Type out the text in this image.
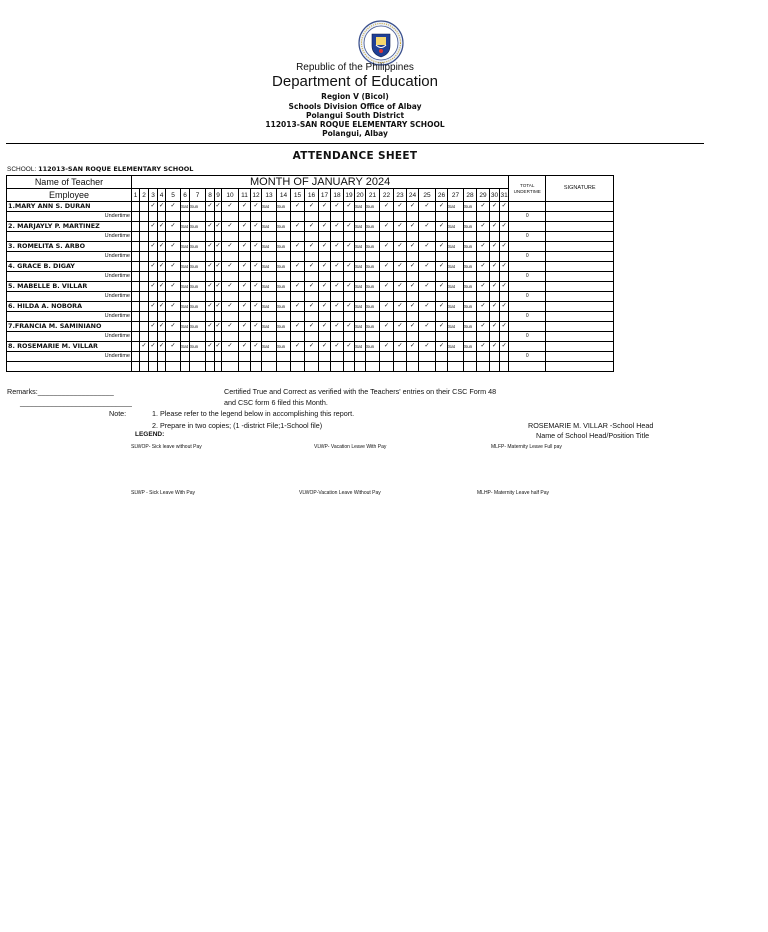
Republic of the Philippines
Department of Education
Region V (Bicol)
Schools Division Office of Albay
Polangui South District
112013-SAN ROQUE ELEMENTARY SCHOOL
Polangui, Albay
ATTENDANCE SHEET
SCHOOL: 112013-SAN ROQUE ELEMENTARY SCHOOL
Name of Teacher	MONTH OF JANUARY 2024																															TOTAL UNDERTIME	SIGNATURE
Employee	1	2	3	4	5	6	7	8	9	10	11	12	13	14	15	16	17	18	19	20	21	22	23	24	25	26	27	28	29	30	31		
1.MARY ANN S. DURAN			✓	✓	✓	Sat	Sun	✓	✓	✓	✓	✓	Sat	Sun	✓	✓	✓	✓	✓	Sat	Sun	✓	✓	✓	✓	✓	Sat	Sun	✓	✓	✓		
Undertime																																0	
2. MARJAYLY P. MARTINEZ			✓	✓	✓	Sat	Sun	✓	✓	✓	✓	✓	Sat	Sun	✓	✓	✓	✓	✓	Sat	Sun	✓	✓	✓	✓	✓	Sat	Sun	✓	✓	✓		
Undertime																																0	
3. ROMELITA S. ARBO			✓	✓	✓	Sat	Sun	✓	✓	✓	✓	✓	Sat	Sun	✓	✓	✓	✓	✓	Sat	Sun	✓	✓	✓	✓	✓	Sat	Sun	✓	✓	✓		
Undertime																																0	
4. GRACE B. DIGAY			✓	✓	✓	Sat	Sun	✓	✓	✓	✓	✓	Sat	Sun	✓	✓	✓	✓	✓	Sat	Sun	✓	✓	✓	✓	✓	Sat	Sun	✓	✓	✓		
Undertime																																0	
5. MABELLE B. VILLAR			✓	✓	✓	Sat	Sun	✓	✓	✓	✓	✓	Sat	Sun	✓	✓	✓	✓	✓	Sat	Sun	✓	✓	✓	✓	✓	Sat	Sun	✓	✓	✓		
Undertime																																0	
6. HILDA A. NOBORA			✓	✓	✓	Sat	Sun	✓	✓	✓	✓	✓	Sat	Sun	✓	✓	✓	✓	✓	Sat	Sun	✓	✓	✓	✓	✓	Sat	Sun	✓	✓	✓		
Undertime																																0	
7.FRANCIA M. SAMINIANO			✓	✓	✓	Sat	Sun	✓	✓	✓	✓	✓	Sat	Sun	✓	✓	✓	✓	✓	Sat	Sun	✓	✓	✓	✓	✓	Sat	Sun	✓	✓	✓		
Undertime																																0	
8. ROSEMARIE M. VILLAR		✓	✓	✓	✓	Sat	Sun	✓	✓	✓	✓	✓	Sat	Sun	✓	✓	✓	✓	✓	Sat	Sun	✓	✓	✓	✓	✓	Sat	Sun	✓	✓	✓		
Undertime																																0	

Remarks:___________________
____________________________
Certified True and Correct as verified with the Teachers' entries on their CSC Form 48
and CSC form 6 filed this Month.
Note:	1. Please refer to the legend below in accomplishing this report.
2. Prepare in two copies; (1 -district File;1-School file)	ROSEMARIE M. VILLAR -School Head
Name of School Head/Position Title
LEGEND:
SLWOP- Sick leave without Pay	VLWP- Vacation Leave With Pay	MLFP- Maternity Leave Full pay
SLWP - Sick Leave With Pay	VLWOP-Vacation Leave Without Pay	MLHP- Maternity Leave half Pay
